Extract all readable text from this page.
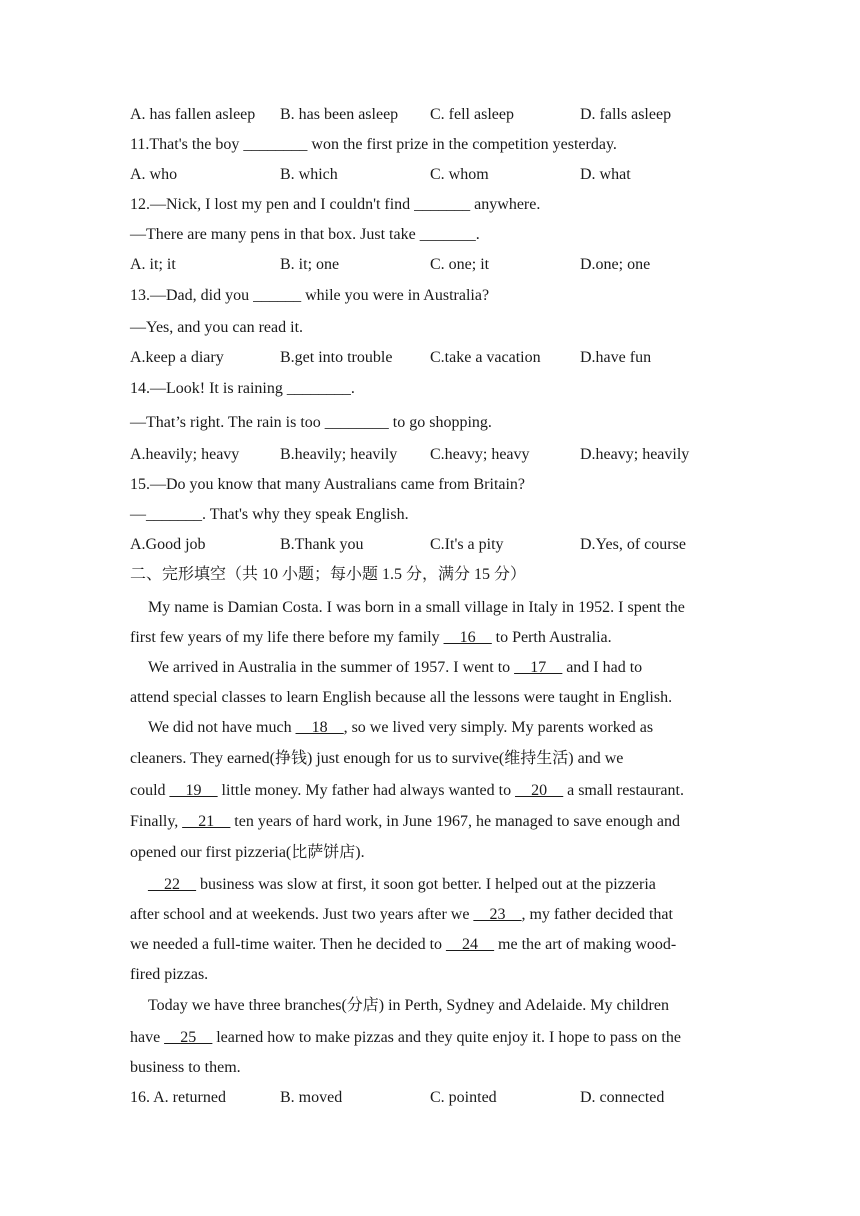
A. has fallen asleep B. has been asleep C. fell asleep	D. falls asleep
11.That's the boy ________ won the first prize in the competition yesterday.
A. who	B. which	C. whom	D. what
12.—Nick, I lost my pen and I couldn't find _______ anywhere.
—There are many pens in that box. Just take _______.
A. it; it	B. it; one	C. one; it	D.one; one
13.—Dad, did you ______ while you were in Australia?
—Yes, and you can read it.
A.keep a diary	B.get into trouble C.take a vacation D.have fun
14.—Look! It is raining ________.
—That’s right. The rain is too ________ to go shopping.
A.heavily; heavy	B.heavily; heavily C.heavy; heavy	D.heavy; heavily
15.—Do you know that many Australians came from Britain?
—_______. That's why they speak English.
A.Good job	B.Thank you	C.It's a pity	D.Yes, of course
二、完形填空（共 10 小题；每小题 1.5 分，满分 15 分）
My name is Damian Costa. I was born in a small village in Italy in 1952. I spent the
first few years of my life there before my family __16__ to Perth Australia.
We arrived in Australia in the summer of 1957. I went to __17__ and I had to
attend special classes to learn English because all the lessons were taught in English.
We did not have much __18__, so we lived very simply. My parents worked as
cleaners. They earned(挣钱) just enough for us to survive(维持生活) and we
could __19__ little money. My father had always wanted to __20__ a small restaurant.
Finally, __21__ ten years of hard work, in June 1967, he managed to save enough and
opened our first pizzeria(比萨饼店).
__22__ business was slow at first, it soon got better. I helped out at the pizzeria
after school and at weekends. Just two years after we __23__, my father decided that
we needed a full-time waiter. Then he decided to __24__ me the art of making wood-
fired pizzas.
Today we have three branches(分店) in Perth, Sydney and Adelaide. My children
have __25__ learned how to make pizzas and they quite enjoy it. I hope to pass on the
business to them.
16. A. returned	B. moved	C. pointed	D. connected
